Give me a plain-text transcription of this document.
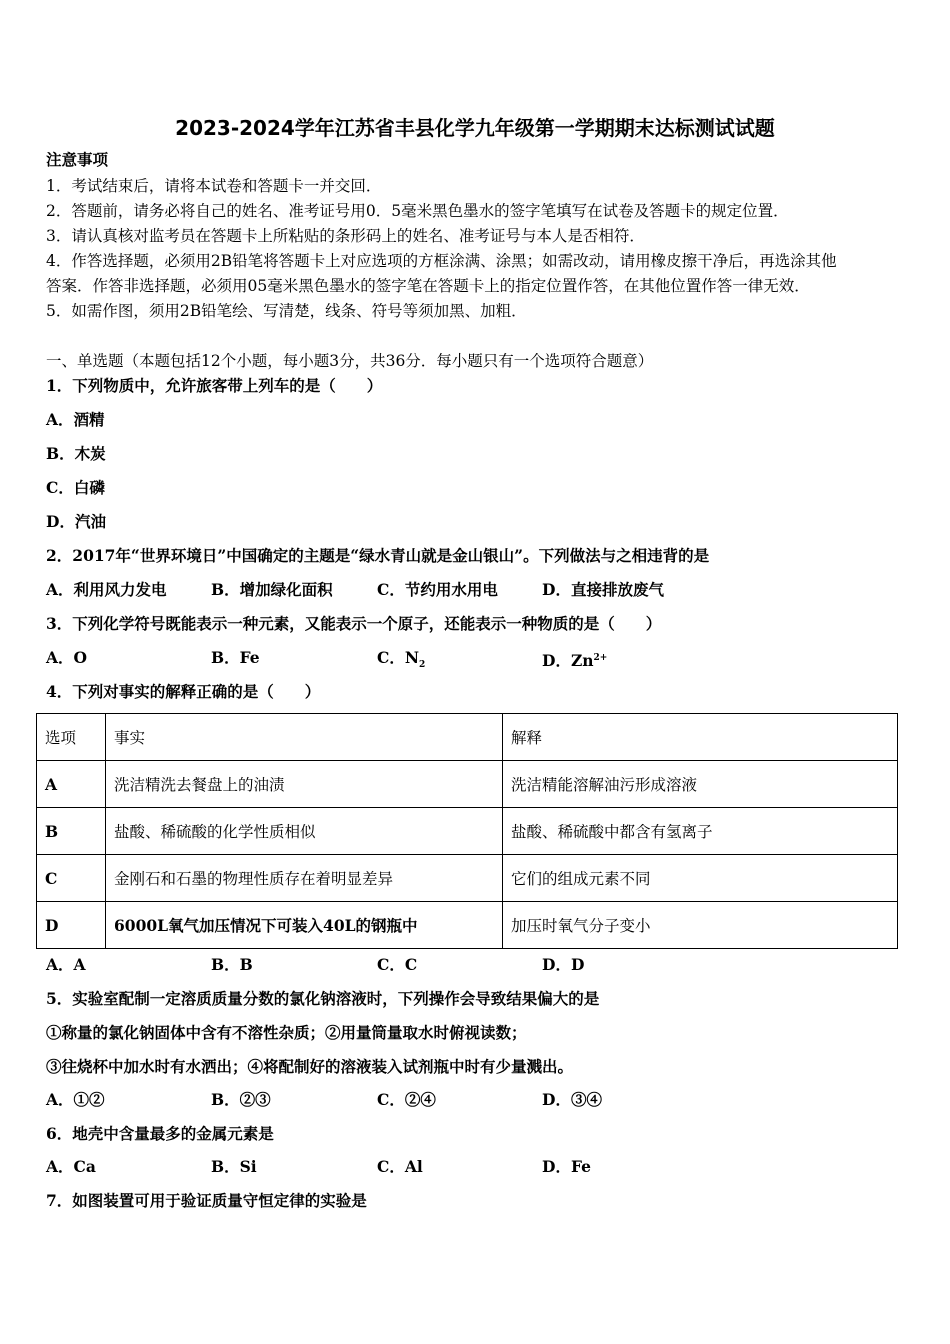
2023-2024学年江苏省丰县化学九年级第一学期期末达标测试试题
注意事项
1．考试结束后，请将本试卷和答题卡一并交回．
2．答题前，请务必将自己的姓名、准考证号用0．5毫米黑色墨水的签字笔填写在试卷及答题卡的规定位置．
3．请认真核对监考员在答题卡上所粘贴的条形码上的姓名、准考证号与本人是否相符．
4．作答选择题，必须用2B铅笔将答题卡上对应选项的方框涂满、涂黑；如需改动，请用橡皮擦干净后，再选涂其他
答案．作答非选择题，必须用05毫米黑色墨水的签字笔在答题卡上的指定位置作答，在其他位置作答一律无效．
5．如需作图，须用2B铅笔绘、写清楚，线条、符号等须加黑、加粗．
一、单选题（本题包括12个小题，每小题3分，共36分．每小题只有一个选项符合题意）
1．下列物质中，允许旅客带上列车的是（　　）
A．酒精
B．木炭
C．白磷
D．汽油
2．2017年“世界环境日”中国确定的主题是“绿水青山就是金山银山”。下列做法与之相违背的是
A．利用风力发电	B．增加绿化面积	C．节约用水用电	D．直接排放废气
3．下列化学符号既能表示一种元素，又能表示一个原子，还能表示一种物质的是（　　）
A．O	B．Fe	C．$N_2$	D．$Zn^{2+}$
4．下列对事实的解释正确的是（　　）
选项	事实	解释
A	洗洁精洗去餐盘上的油渍	洗洁精能溶解油污形成溶液
B	盐酸、稀硫酸的化学性质相似	盐酸、稀硫酸中都含有氢离子
C	金刚石和石墨的物理性质存在着明显差异	它们的组成元素不同
D	6000L氧气加压情况下可装入40L的钢瓶中	加压时氧气分子变小
A．A	B．B	C．C	D．D
5．实验室配制一定溶质质量分数的氯化钠溶液时，下列操作会导致结果偏大的是
①称量的氯化钠固体中含有不溶性杂质；②用量筒量取水时俯视读数；
③往烧杯中加水时有水洒出；④将配制好的溶液装入试剂瓶中时有少量溅出。
A．①②	B．②③	C．②④	D．③④
6．地壳中含量最多的金属元素是
A．Ca	B．Si	C．Al	D．Fe
7．如图装置可用于验证质量守恒定律的实验是
